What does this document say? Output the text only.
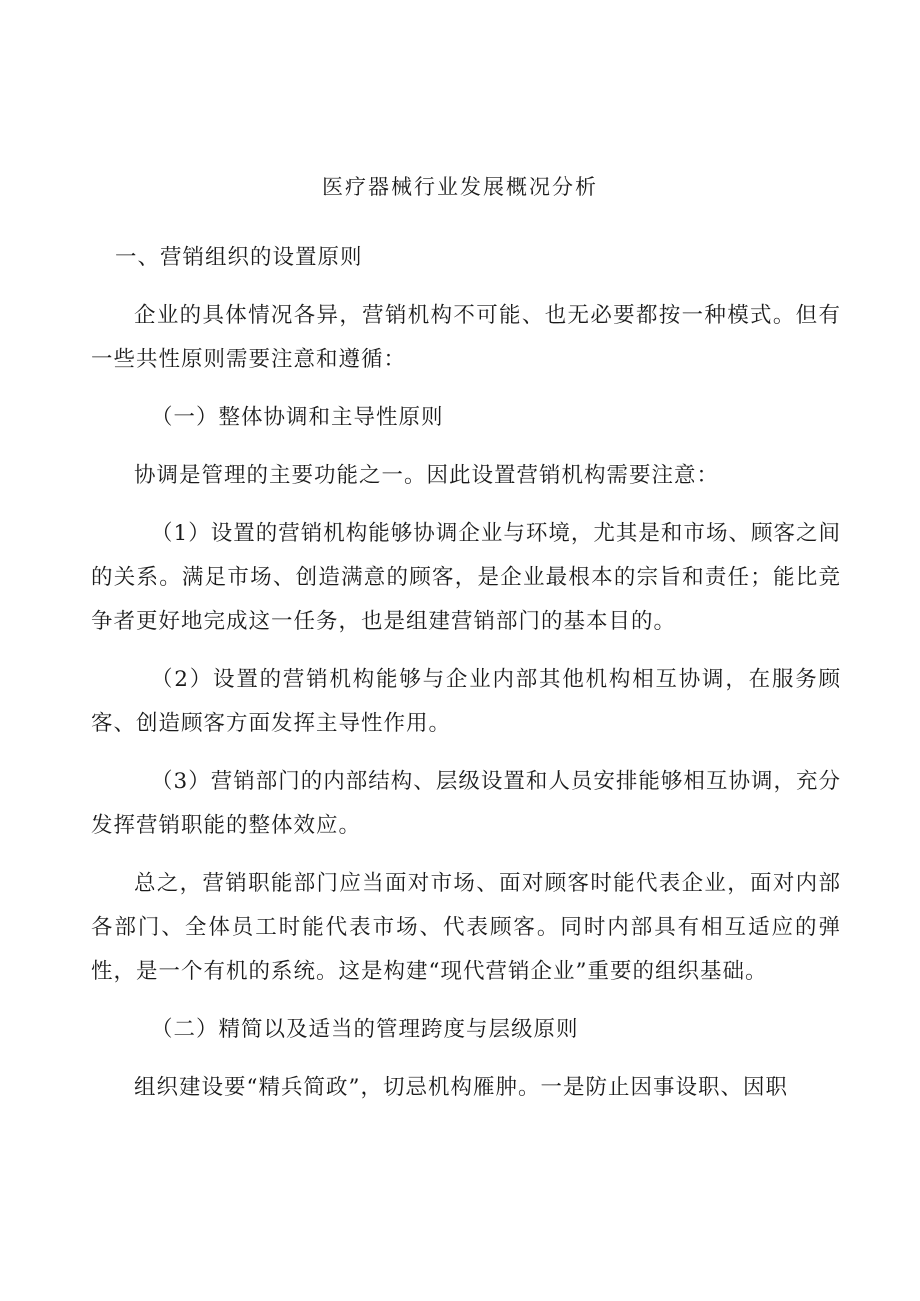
医疗器械行业发展概况分析

一、营销组织的设置原则

企业的具体情况各异，营销机构不可能、也无必要都按一种模式。但有一些共性原则需要注意和遵循：

（一）整体协调和主导性原则

协调是管理的主要功能之一。因此设置营销机构需要注意：

（1）设置的营销机构能够协调企业与环境，尤其是和市场、顾客之间的关系。满足市场、创造满意的顾客，是企业最根本的宗旨和责任；能比竞争者更好地完成这一任务，也是组建营销部门的基本目的。

（2）设置的营销机构能够与企业内部其他机构相互协调，在服务顾客、创造顾客方面发挥主导性作用。

（3）营销部门的内部结构、层级设置和人员安排能够相互协调，充分发挥营销职能的整体效应。

总之，营销职能部门应当面对市场、面对顾客时能代表企业，面对内部各部门、全体员工时能代表市场、代表顾客。同时内部具有相互适应的弹性，是一个有机的系统。这是构建“现代营销企业”重要的组织基础。

（二）精简以及适当的管理跨度与层级原则

组织建设要“精兵简政”，切忌机构雁肿。一是防止因事设职、因职
